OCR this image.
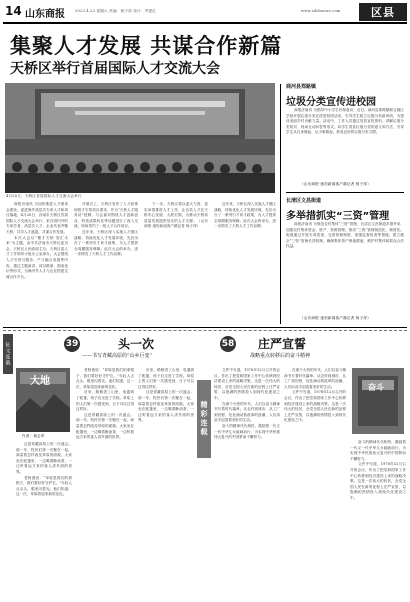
14 山东商报	2023.4.22 星期六 责编：杨子萍 设计：齐建红	www.sdsbnews.com	区县
集聚人才发展 共谋合作新篇
天桥区举行首届国际人才交流大会
4月20日，天桥区首届国际人才交流大会举行

商报济南讯 为加快推进人才强省会建设，促进海外高层次专家人才和项目落地，4月20日，济南市天桥区首届国际人才交流大会举行，来自国内外的专家学者、高层次人才、企业代表齐聚天桥，共享人才盛宴，共谋合作发展。

本次大会以“聚才天桥·智汇未来”为主题，由中共济南市天桥区委员会、天桥区人民政府主办，天桥区委人才工作领导小组办公室承办。大会围绕人才引进与服务、产才融合发展等内容，通过主题演讲、项目路演、圆桌论坛等形式，为海内外人才与企业搭建交流合作平台。

开幕式上，天桥区发布了人才政策和招才引智项目需求，并为“天桥人才服务站”授牌。与会嘉宾围绕人才创新创业、科技成果转化等话题进行了深入交流，现场签约了一批人才合作项目。

近年来，天桥区深入实施人才强区战略，持续优化人才发展环境，先后出台了一系列引才育才政策，为人才提供全周期服务保障。此次大会的举办，进一步擦亮了天桥人才工作品牌。

下一步，天桥区将以更大力度、更实举措推进人才工作，让各类人才在天桥安心发展、大展宏图，为推动天桥高质量发展提供坚实的人才支撑。（山东商报·速豹新闻客户端记者 杨子萍）

近年来，天桥区深入实施人才强区战略，持续优化人才发展环境，先后出台了一系列引才育才政策，为人才提供全周期服务保障。此次大会的举办，进一步擦亮了天桥人才工作品牌。

商河县郑路镇
垃圾分类宣传进校园

商报济南讯 为倡导中小学生环保意识，近日，商河县郑路镇联合辖区学校开展垃圾分类宣传进校园活动，引导学生树立垃圾分类新风尚，为建设美丽乡村贡献力量。活动中，工作人员通过发放宣传资料、讲解垃圾分类知识、现场互动问答等形式，向学生普及垃圾分类的意义和方法，引导学生从自身做起、从小事做起，养成良好的垃圾分类习惯。

（山东商报·速豹新闻客户端记者 杨子萍）
长清区文昌街道
多举措抓实“三资”管理

商报济南讯 为规范农村集体“三资”管理，长清区文昌街道多措并举，加强农村集体资金、资产、资源管理，推动“三资”管理规范化、制度化。街道通过开展专项清查、完善管理制度、加强监督检查等措施，建立健全“三资”管理长效机制，确保集体资产保值增值，维护村集体和群众合法权益。

（山东商报·速豹新闻客户端记者 杨子萍）
征文连载	39	头一次
——书写青藏高原的“山乡巨变”
大地
作者：杨志军

这是青藏高原上的一次盛会。那一年，牧民们第一次聚在一起，商量着怎样改变草原的面貌。大家坐在帐篷里，一边喝着酥油茶，一边听着远方来的客人讲外面的世界。

老阿爸说：“草原是我们的命根子，我们要好好守护它。”年轻人点点头，眼里闪着光。他们知道，这一次，草原将迎来新的变化。

老阿爸说：“草原是我们的命根子，我们要好好守护它。”年轻人点点头，眼里闪着光。他们知道，这一次，草原将迎来新的变化。

后来，路修进了山里，电通到了帐篷，孩子们走进了学校。草原上的人们第一次感受到，日子可以过得这样好。

这是青藏高原上的一次盛会。那一年，牧民们第一次聚在一起，商量着怎样改变草原的面貌。大家坐在帐篷里，一边喝着酥油茶，一边听着远方来的客人讲外面的世界。

后来，路修进了山里，电通到了帐篷，孩子们走进了学校。草原上的人们第一次感受到，日子可以过得这样好。

这是青藏高原上的一次盛会。那一年，牧民们第一次聚在一起，商量着怎样改变草原的面貌。大家坐在帐篷里，一边喝着酥油茶，一边听着远方来的客人讲外面的世界。	精彩连载
58 庄严宣誓
战略重点转移后的奋斗精神

文件中写道，1978年12月召开的会议，作出了把党和国家工作中心转移到经济建设上来的战略决策。这是一次伟大的转折，全党全国人民在新的征程上庄严宣誓，以饱满的热情投入到现代化建设之中。

在那个火热的年代，人们以奋斗精神书写着时代篇章。从农村到城市，从工厂到田野，处处涌动着改革的浪潮，人们用双手创造着美好的生活。

奋斗的精神代代相传，激励着一代又一代中华儿女砥砺前行，为实现中华民族伟大复兴的中国梦而不懈努力。

在那个火热的年代，人们以奋斗精神书写着时代篇章。从农村到城市，从工厂到田野，处处涌动着改革的浪潮，人们用双手创造着美好的生活。

文件中写道，1978年12月召开的会议，作出了把党和国家工作中心转移到经济建设上来的战略决策。这是一次伟大的转折，全党全国人民在新的征程上庄严宣誓，以饱满的热情投入到现代化建设之中。

奋斗

奋斗的精神代代相传，激励着一代又一代中华儿女砥砺前行，为实现中华民族伟大复兴的中国梦而不懈努力。

文件中写道，1978年12月召开的会议，作出了把党和国家工作中心转移到经济建设上来的战略决策。这是一次伟大的转折，全党全国人民在新的征程上庄严宣誓，以饱满的热情投入到现代化建设之中。
